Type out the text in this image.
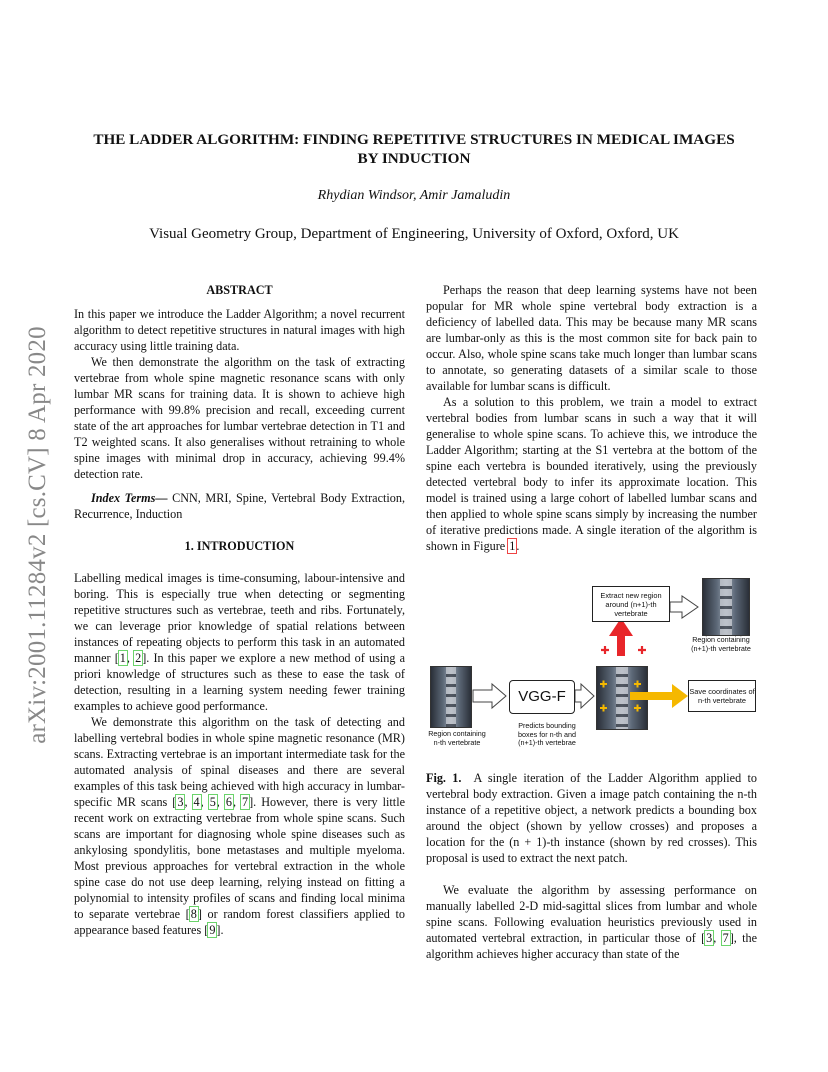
arXiv:2001.11284v2 [cs.CV] 8 Apr 2020
THE LADDER ALGORITHM: FINDING REPETITIVE STRUCTURES IN MEDICAL IMAGES
BY INDUCTION
Rhydian Windsor, Amir Jamaludin
Visual Geometry Group, Department of Engineering, University of Oxford, Oxford, UK

ABSTRACT

In this paper we introduce the Ladder Algorithm; a novel recurrent algorithm to detect repetitive structures in natural images with high accuracy using little training data.

We then demonstrate the algorithm on the task of extracting vertebrae from whole spine magnetic resonance scans with only lumbar MR scans for training data. It is shown to achieve high performance with 99.8% precision and recall, exceeding current state of the art approaches for lumbar vertebrae detection in T1 and T2 weighted scans. It also generalises without retraining to whole spine images with minimal drop in accuracy, achieving 99.4% detection rate.

Index Terms— CNN, MRI, Spine, Vertebral Body Extraction, Recurrence, Induction

1. INTRODUCTION

Labelling medical images is time-consuming, labour-intensive and boring. This is especially true when detecting or segmenting repetitive structures such as vertebrae, teeth and ribs. Fortunately, we can leverage prior knowledge of spatial relations between instances of repeating objects to perform this task in an automated manner [1, 2]. In this paper we explore a new method of using a priori knowledge of structures such as these to ease the task of detection, resulting in a learning system needing fewer training examples to achieve good performance.

We demonstrate this algorithm on the task of detecting and labelling vertebral bodies in whole spine magnetic resonance (MR) scans. Extracting vertebrae is an important intermediate task for the automated analysis of spinal diseases and there are several examples of this task being achieved with high accuracy in lumbar-specific MR scans [3, 4, 5, 6, 7]. However, there is very little recent work on extracting vertebrae from whole spine scans. Such scans are important for diagnosing whole spine diseases such as ankylosing spondylitis, bone metastases and multiple myeloma. Most previous approaches for vertebral extraction in the whole spine case do not use deep learning, relying instead on fitting a polynomial to intensity profiles of scans and finding local minima to separate vertebrae [8] or random forest classifiers applied to appearance based features [9].

Perhaps the reason that deep learning systems have not been popular for MR whole spine vertebral body extraction is a deficiency of labelled data. This may be because many MR scans are lumbar-only as this is the most common site for back pain to occur. Also, whole spine scans take much longer than lumbar scans to annotate, so generating datasets of a similar scale to those available for lumbar scans is difficult.

As a solution to this problem, we train a model to extract vertebral bodies from lumbar scans in such a way that it will generalise to whole spine scans. To achieve this, we introduce the Ladder Algorithm; starting at the S1 vertebra at the bottom of the spine each vertebra is bounded iteratively, using the previously detected vertebral body to infer its approximate location. This model is trained using a large cohort of labelled lumbar scans and then applied to whole spine scans simply by increasing the number of iterative predictions made. A single iteration of the algorithm is shown in Figure 1.

Extract new region around (n+1)-th vertebrate
Region containing (n+1)-th vertebrate
VGG-F	Save coordinates of n-th vertebrate
Region containing n-th vertebrate
Predicts bounding boxes for n-th and (n+1)-th vertebrae

Fig. 1. A single iteration of the Ladder Algorithm applied to vertebral body extraction. Given a image patch containing the n-th instance of a repetitive object, a network predicts a bounding box around the object (shown by yellow crosses) and proposes a location for the (n + 1)-th instance (shown by red crosses). This proposal is used to extract the next patch.

We evaluate the algorithm by assessing performance on manually labelled 2-D mid-sagittal slices from lumbar and whole spine scans. Following evaluation heuristics previously used in automated vertebral extraction, in particular those of [3, 7], the algorithm achieves higher accuracy than state of the
